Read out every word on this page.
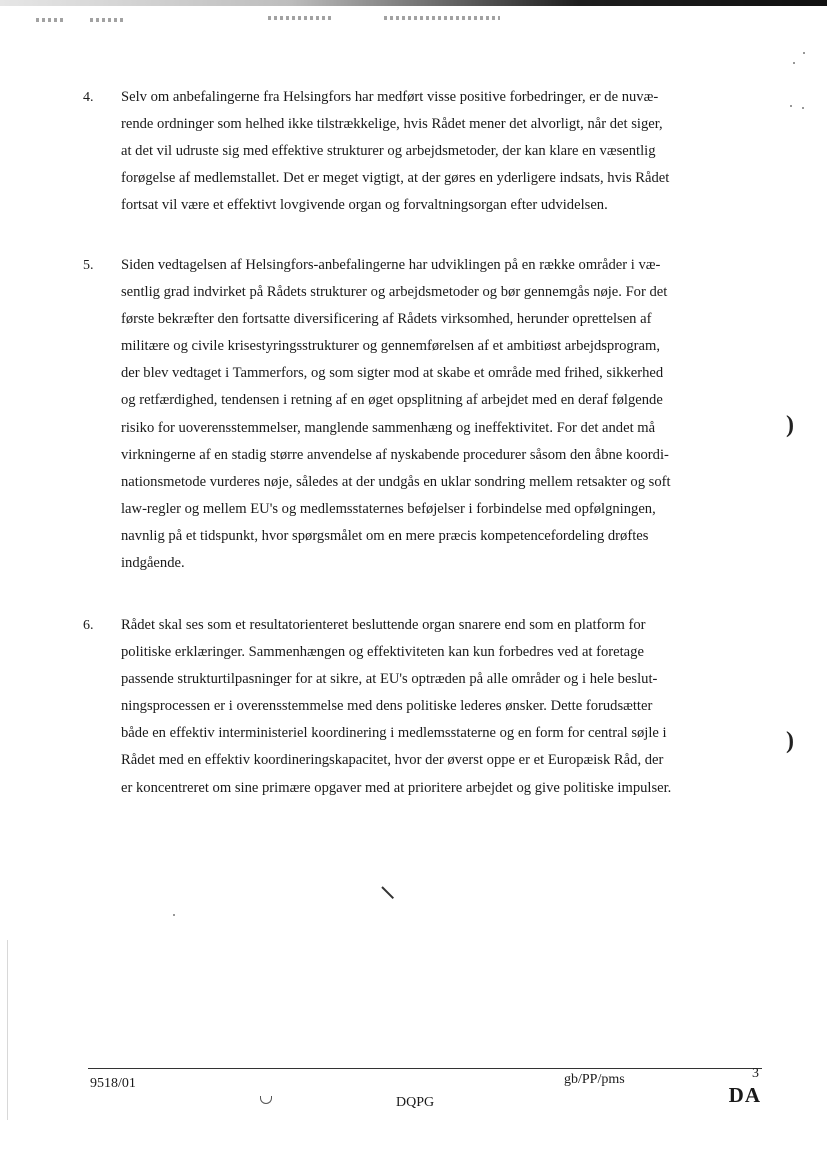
4. Selv om anbefalingerne fra Helsingfors har medført visse positive forbedringer, er de nuvæ-
rende ordninger som helhed ikke tilstrækkelige, hvis Rådet mener det alvorligt, når det siger,
at det vil udruste sig med effektive strukturer og arbejdsmetoder, der kan klare en væsentlig
forøgelse af medlemstallet. Det er meget vigtigt, at der gøres en yderligere indsats, hvis Rådet
fortsat vil være et effektivt lovgivende organ og forvaltningsorgan efter udvidelsen.
5. Siden vedtagelsen af Helsingfors-anbefalingerne har udviklingen på en række områder i væ-
sentlig grad indvirket på Rådets strukturer og arbejdsmetoder og bør gennemgås nøje. For det
første bekræfter den fortsatte diversificering af Rådets virksomhed, herunder oprettelsen af
militære og civile krisestyringsstrukturer og gennemførelsen af et ambitiøst arbejdsprogram,
der blev vedtaget i Tammerfors, og som sigter mod at skabe et område med frihed, sikkerhed
og retfærdighed, tendensen i retning af en øget opsplitning af arbejdet med en deraf følgende
risiko for uoverensstemmelser, manglende sammenhæng og ineffektivitet. For det andet må
virkningerne af en stadig større anvendelse af nyskabende procedurer såsom den åbne koordi-
nationsmetode vurderes nøje, således at der undgås en uklar sondring mellem retsakter og soft
law-regler og mellem EU's og medlemsstaternes beføjelser i forbindelse med opfølgningen,
navnlig på et tidspunkt, hvor spørgsmålet om en mere præcis kompetencefordeling drøftes
indgående.
6. Rådet skal ses som et resultatorienteret besluttende organ snarere end som en platform for
politiske erklæringer. Sammenhængen og effektiviteten kan kun forbedres ved at foretage
passende strukturtilpasninger for at sikre, at EU's optræden på alle områder og i hele beslut-
ningsprocessen er i overensstemmelse med dens politiske lederes ønsker. Dette forudsætter
både en effektiv interministeriel koordinering i medlemsstaterne og en form for central søjle i
Rådet med en effektiv koordineringskapacitet, hvor der øverst oppe er et Europæisk Råd, der
er koncentreret om sine primære opgaver med at prioritere arbejdet og give politiske impulser.
)
)
9518/01	gb/PP/pms	3
DQPG	DA
